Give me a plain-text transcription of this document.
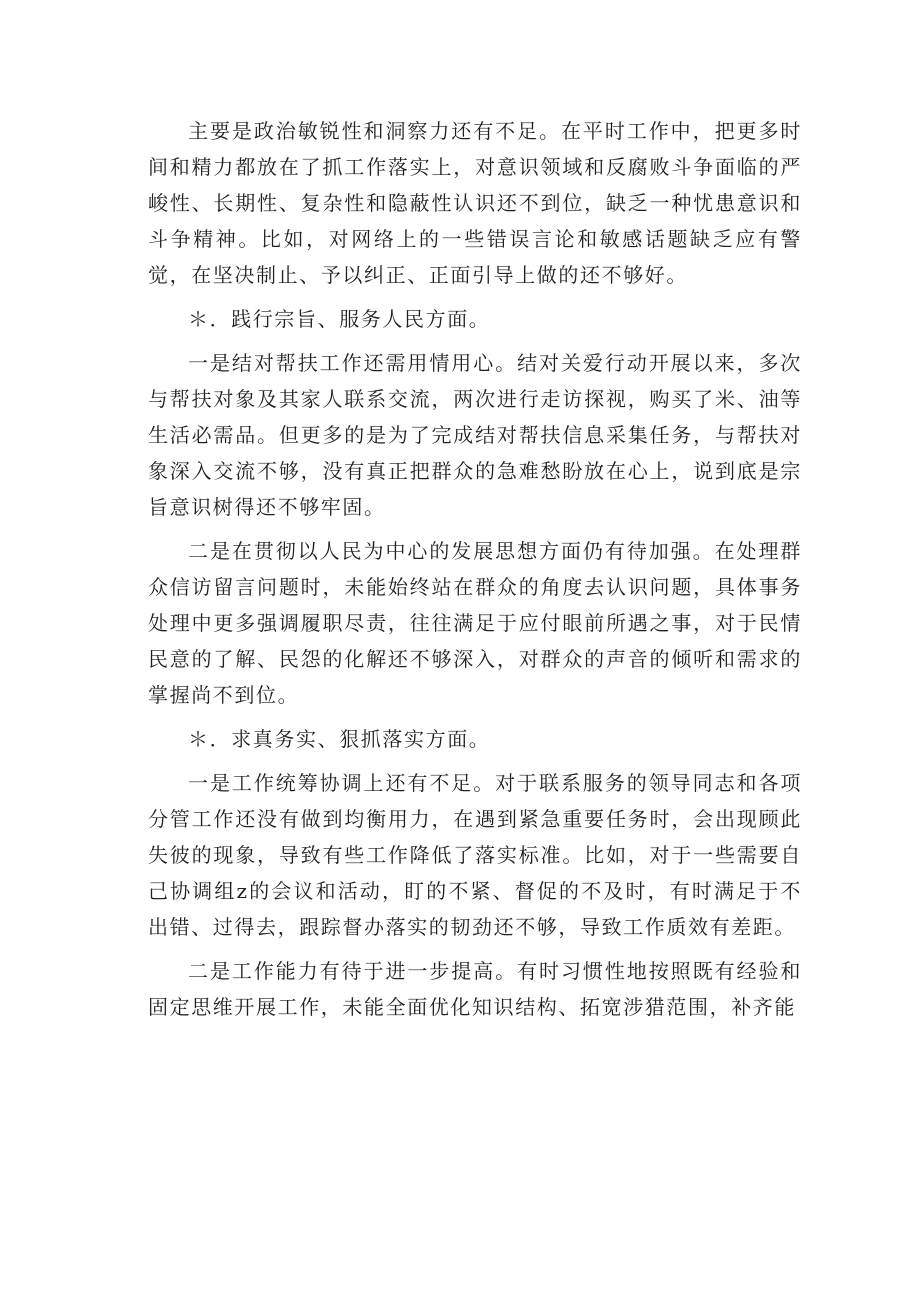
主要是政治敏锐性和洞察力还有不足。在平时工作中，把更多时间和精力都放在了抓工作落实上，对意识领域和反腐败斗争面临的严峻性、长期性、复杂性和隐蔽性认识还不到位，缺乏一种忧患意识和斗争精神。比如，对网络上的一些错误言论和敏感话题缺乏应有警觉，在坚决制止、予以纠正、正面引导上做的还不够好。

＊．践行宗旨、服务人民方面。

一是结对帮扶工作还需用情用心。结对关爱行动开展以来，多次与帮扶对象及其家人联系交流，两次进行走访探视，购买了米、油等生活必需品。但更多的是为了完成结对帮扶信息采集任务，与帮扶对象深入交流不够，没有真正把群众的急难愁盼放在心上，说到底是宗旨意识树得还不够牢固。

二是在贯彻以人民为中心的发展思想方面仍有待加强。在处理群众信访留言问题时，未能始终站在群众的角度去认识问题，具体事务处理中更多强调履职尽责，往往满足于应付眼前所遇之事，对于民情民意的了解、民怨的化解还不够深入，对群众的声音的倾听和需求的掌握尚不到位。

＊．求真务实、狠抓落实方面。

一是工作统筹协调上还有不足。对于联系服务的领导同志和各项分管工作还没有做到均衡用力，在遇到紧急重要任务时，会出现顾此失彼的现象，导致有些工作降低了落实标准。比如，对于一些需要自己协调组z的会议和活动，盯的不紧、督促的不及时，有时满足于不出错、过得去，跟踪督办落实的韧劲还不够，导致工作质效有差距。

二是工作能力有待于进一步提高。有时习惯性地按照既有经验和固定思维开展工作，未能全面优化知识结构、拓宽涉猎范围，补齐能
